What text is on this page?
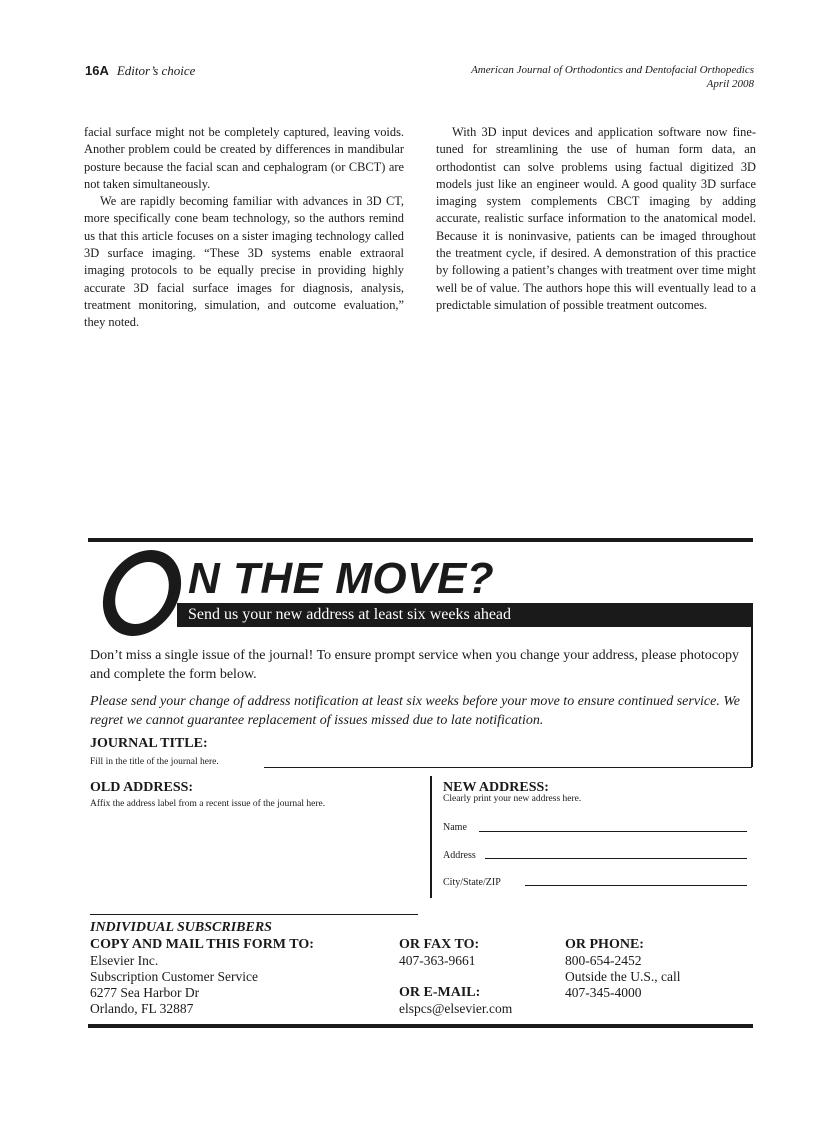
16A Editor’s choice	American Journal of Orthodontics and Dentofacial Orthopedics
April 2008

facial surface might not be completely captured, leaving voids. Another problem could be created by differences in mandibular posture because the facial scan and cephalogram (or CBCT) are not taken simultaneously.

We are rapidly becoming familiar with advances in 3D CT, more specifically cone beam technology, so the authors remind us that this article focuses on a sister imaging technology called 3D surface imaging. “These 3D systems enable extraoral imaging protocols to be equally precise in providing highly accurate 3D facial surface images for diagnosis, analysis, treatment monitoring, simulation, and outcome evaluation,” they noted.

With 3D input devices and application software now fine-tuned for streamlining the use of human form data, an orthodontist can solve problems using factual digitized 3D models just like an engineer would. A good quality 3D surface imaging system complements CBCT imaging by adding accurate, realistic surface information to the anatomical model. Because it is noninvasive, patients can be imaged throughout the treatment cycle, if desired. A demonstration of this practice by following a patient’s changes with treatment over time might well be of value. The authors hope this will eventually lead to a predictable simulation of possible treatment outcomes.

N THE MOVE?
Send us your new address at least six weeks ahead
Don’t miss a single issue of the journal! To ensure prompt service when you change your address, please photocopy and complete the form below.
Please send your change of address notification at least six weeks before your move to ensure continued service. We regret we cannot guarantee replacement of issues missed due to late notification.
JOURNAL TITLE:
Fill in the title of the journal here.
OLD ADDRESS:
Affix the address label from a recent issue of the journal here.
NEW ADDRESS:
Clearly print your new address here.
Name
Address
City/State/ZIP
INDIVIDUAL SUBSCRIBERS
COPY AND MAIL THIS FORM TO:
Elsevier Inc.
Subscription Customer Service
6277 Sea Harbor Dr
Orlando, FL 32887
OR FAX TO:
407-363-9661
OR E-MAIL:
elspcs@elsevier.com
OR PHONE:
800-654-2452
Outside the U.S., call
407-345-4000
